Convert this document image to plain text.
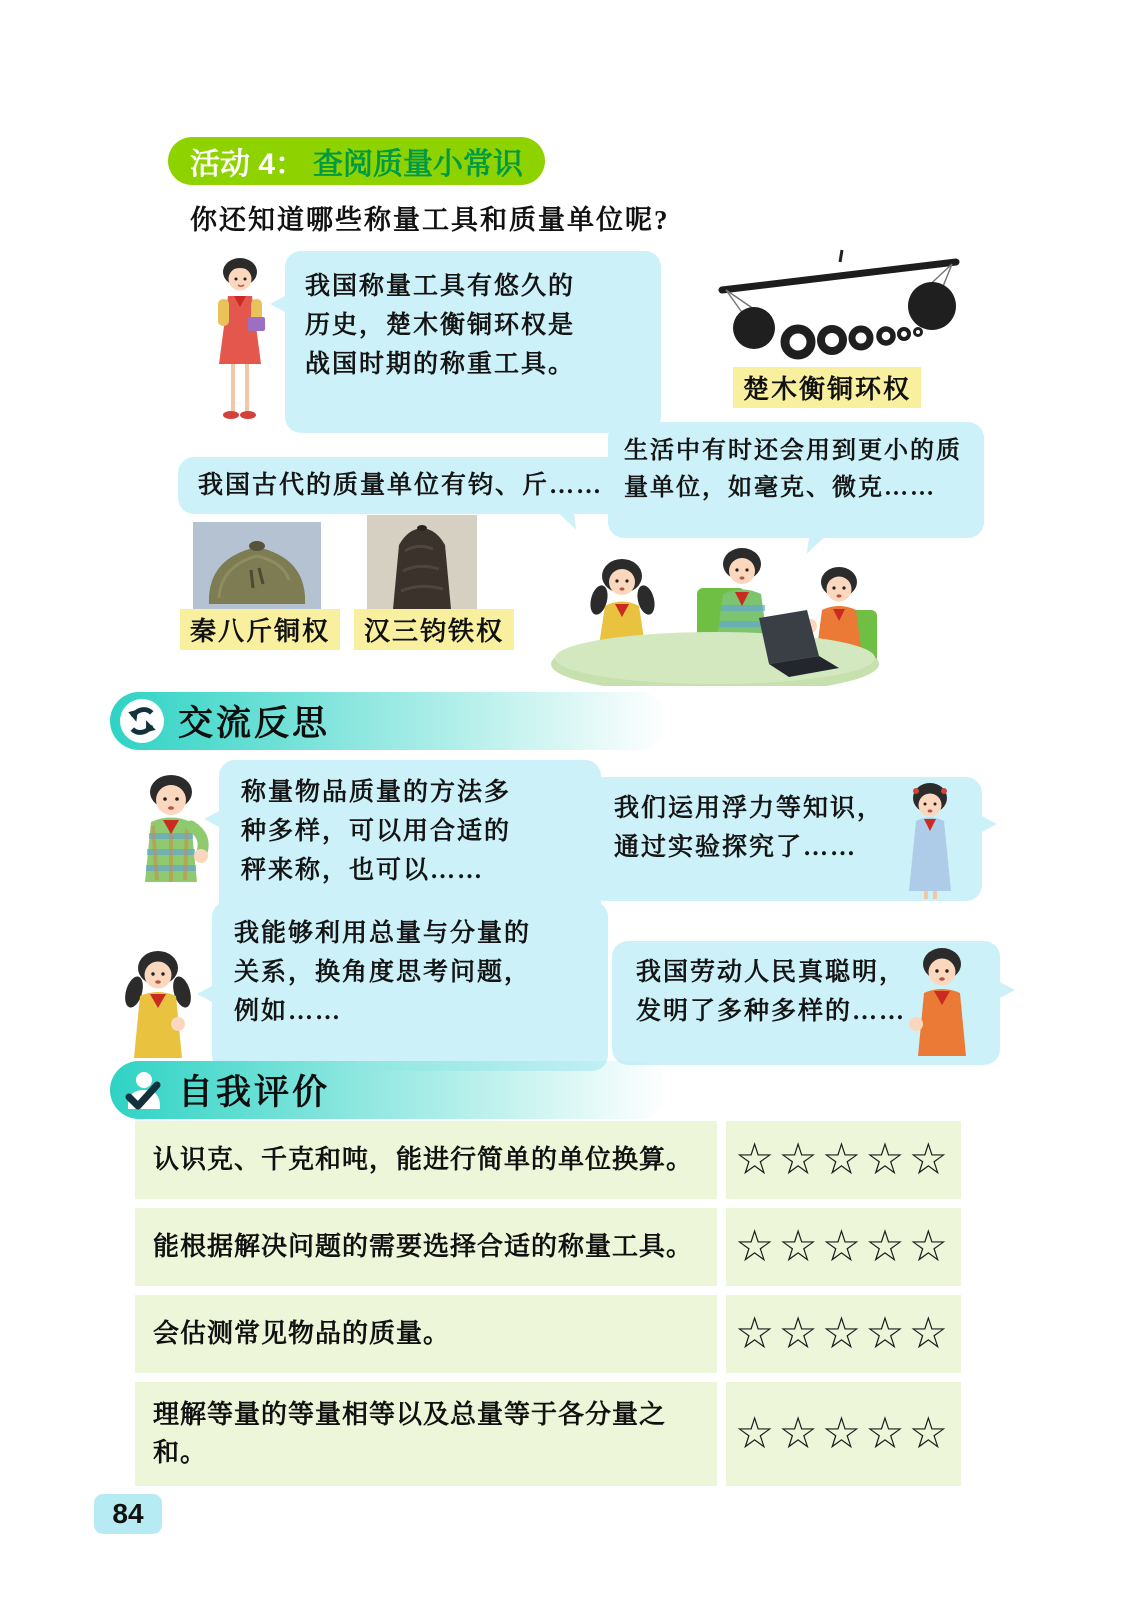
活动 4： 查阅质量小常识
你还知道哪些称量工具和质量单位呢?
我国称量工具有悠久的
历史，楚木衡铜环权是
战国时期的称重工具。
楚木衡铜环权
我国古代的质量单位有钧、斤……
生活中有时还会用到更小的质
量单位，如毫克、微克……
秦八斤铜权	汉三钧铁权
交流反思
称量物品质量的方法多
种多样，可以用合适的
秤来称，也可以……
我们运用浮力等知识，
通过实验探究了……
我能够利用总量与分量的
关系，换角度思考问题，
例如……
我国劳动人民真聪明，
发明了多种多样的……
自我评价
认识克、千克和吨，能进行简单的单位换算。 ☆☆☆☆☆
能根据解决问题的需要选择合适的称量工具。 ☆☆☆☆☆
会估测常见物品的质量。	☆☆☆☆☆
理解等量的等量相等以及总量等于各分量之
和。	☆☆☆☆☆
84
